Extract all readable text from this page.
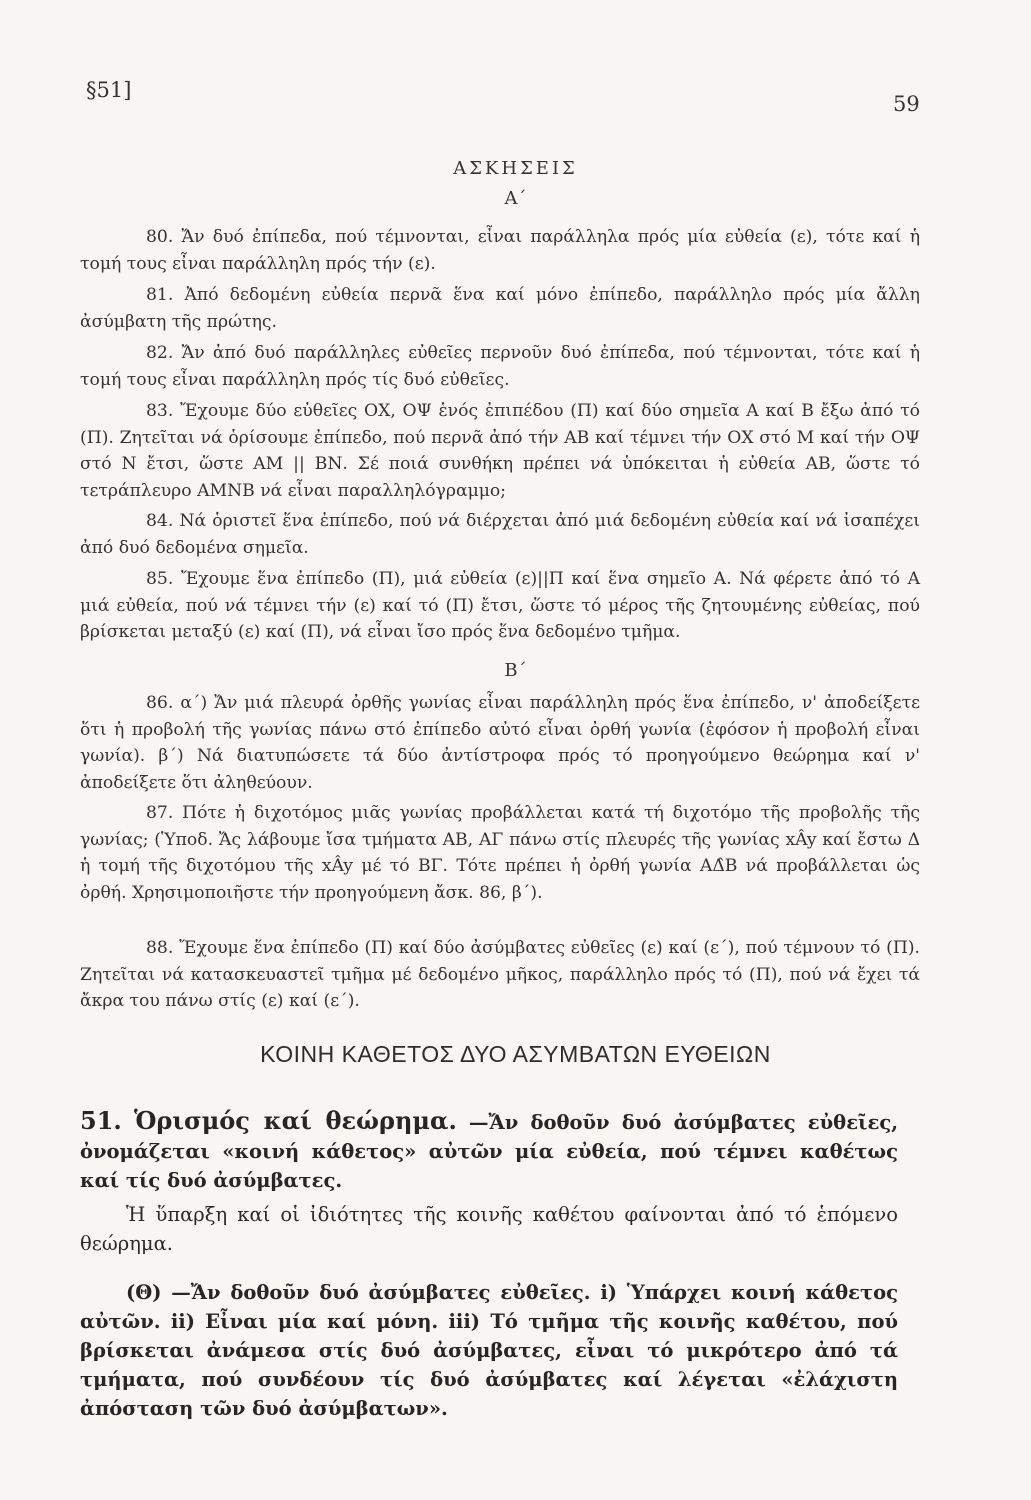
§51]
59
ΑΣΚΗΣΕΙΣ
Α΄

80. Ἄν δυό ἐπίπεδα, πού τέμνονται, εἶναι παράλληλα πρός μία εὐθεία (ε), τότε καί ἡ τομή τους εἶναι παράλληλη πρός τήν (ε).

81. Ἀπό δεδομένη εὐθεία περνᾶ ἕνα καί μόνο ἐπίπεδο, παράλληλο πρός μία ἄλλη ἀσύμβατη τῆς πρώτης.

82. Ἄν ἀπό δυό παράλληλες εὐθεῖες περνοῦν δυό ἐπίπεδα, πού τέμνονται, τότε καί ἡ τομή τους εἶναι παράλληλη πρός τίς δυό εὐθεῖες.

83. Ἔχουμε δύο εὐθεῖες ΟΧ, ΟΨ ἑνός ἐπιπέδου (Π) καί δύο σημεῖα Α καί Β ἔξω ἀπό τό (Π). Ζητεῖται νά ὁρίσουμε ἐπίπεδο, πού περνᾶ ἀπό τήν ΑΒ καί τέμνει τήν ΟΧ στό Μ καί τήν ΟΨ στό Ν ἔτσι, ὥστε ΑΜ || ΒΝ. Σέ ποιά συνθήκη πρέπει νά ὑπόκειται ἡ εὐθεία ΑΒ, ὥστε τό τετράπλευρο ΑΜΝΒ νά εἶναι παραλληλόγραμμο;

84. Νά ὁριστεῖ ἕνα ἐπίπεδο, πού νά διέρχεται ἀπό μιά δεδομένη εὐθεία καί νά ἰσαπέχει ἀπό δυό δεδομένα σημεῖα.

85. Ἔχουμε ἕνα ἐπίπεδο (Π), μιά εὐθεία (ε)||Π καί ἕνα σημεῖο Α. Νά φέρετε ἀπό τό Α μιά εὐθεία, πού νά τέμνει τήν (ε) καί τό (Π) ἔτσι, ὥστε τό μέρος τῆς ζητουμένης εὐθείας, πού βρίσκεται μεταξύ (ε) καί (Π), νά εἶναι ἴσο πρός ἕνα δεδομένο τμῆμα.

Β΄

86. α΄) Ἄν μιά πλευρά ὀρθῆς γωνίας εἶναι παράλληλη πρός ἕνα ἐπίπεδο, ν' ἀποδείξετε ὅτι ἡ προβολή τῆς γωνίας πάνω στό ἐπίπεδο αὐτό εἶναι ὀρθή γωνία (ἐφόσον ἡ προβολή εἶναι γωνία). β΄) Νά διατυπώσετε τά δύο ἀντίστροφα πρός τό προηγούμενο θεώρημα καί ν' ἀποδείξετε ὅτι ἀληθεύουν.

87. Πότε ἡ διχοτόμος μιᾶς γωνίας προβάλλεται κατά τή διχοτόμο τῆς προβολῆς τῆς γωνίας; (Ὑποδ. Ἄς λάβουμε ἴσα τμήματα ΑΒ, ΑΓ πάνω στίς πλευρές τῆς γωνίας xÂy καί ἔστω Δ ἡ τομή τῆς διχοτόμου τῆς xÂy μέ τό ΒΓ. Τότε πρέπει ἡ ὀρθή γωνία ΑΔ̂Β νά προβάλλεται ὡς ὀρθή. Χρησιμοποιῆστε τήν προηγούμενη ἄσκ. 86, β΄).

88. Ἔχουμε ἕνα ἐπίπεδο (Π) καί δύο ἀσύμβατες εὐθεῖες (ε) καί (ε΄), πού τέμνουν τό (Π). Ζητεῖται νά κατασκευαστεῖ τμῆμα μέ δεδομένο μῆκος, παράλληλο πρός τό (Π), πού νά ἔχει τά ἄκρα του πάνω στίς (ε) καί (ε΄).

ΚΟΙΝΗ ΚΑΘΕΤΟΣ ΔΥΟ ΑΣΥΜΒΑΤΩΝ ΕΥΘΕΙΩΝ

51. Ὁρισμός καί θεώρημα. —Ἄν δοθοῦν δυό ἀσύμβατες εὐθεῖες, ὀνομάζεται «κοινή κάθετος» αὐτῶν μία εὐθεία, πού τέμνει καθέτως καί τίς δυό ἀσύμβατες.

Ἡ ὕπαρξη καί οἱ ἰδιότητες τῆς κοινῆς καθέτου φαίνονται ἀπό τό ἑπόμενο θεώρημα.

(Θ) —Ἄν δοθοῦν δυό ἀσύμβατες εὐθεῖες. i) Ὑπάρχει κοινή κάθετος αὐτῶν. ii) Εἶναι μία καί μόνη. iii) Τό τμῆμα τῆς κοινῆς καθέτου, πού βρίσκεται ἀνάμεσα στίς δυό ἀσύμβατες, εἶναι τό μικρότερο ἀπό τά τμήματα, πού συνδέουν τίς δυό ἀσύμβατες καί λέγεται «ἐλάχιστη ἀπόσταση τῶν δυό ἀσύμβατων».
